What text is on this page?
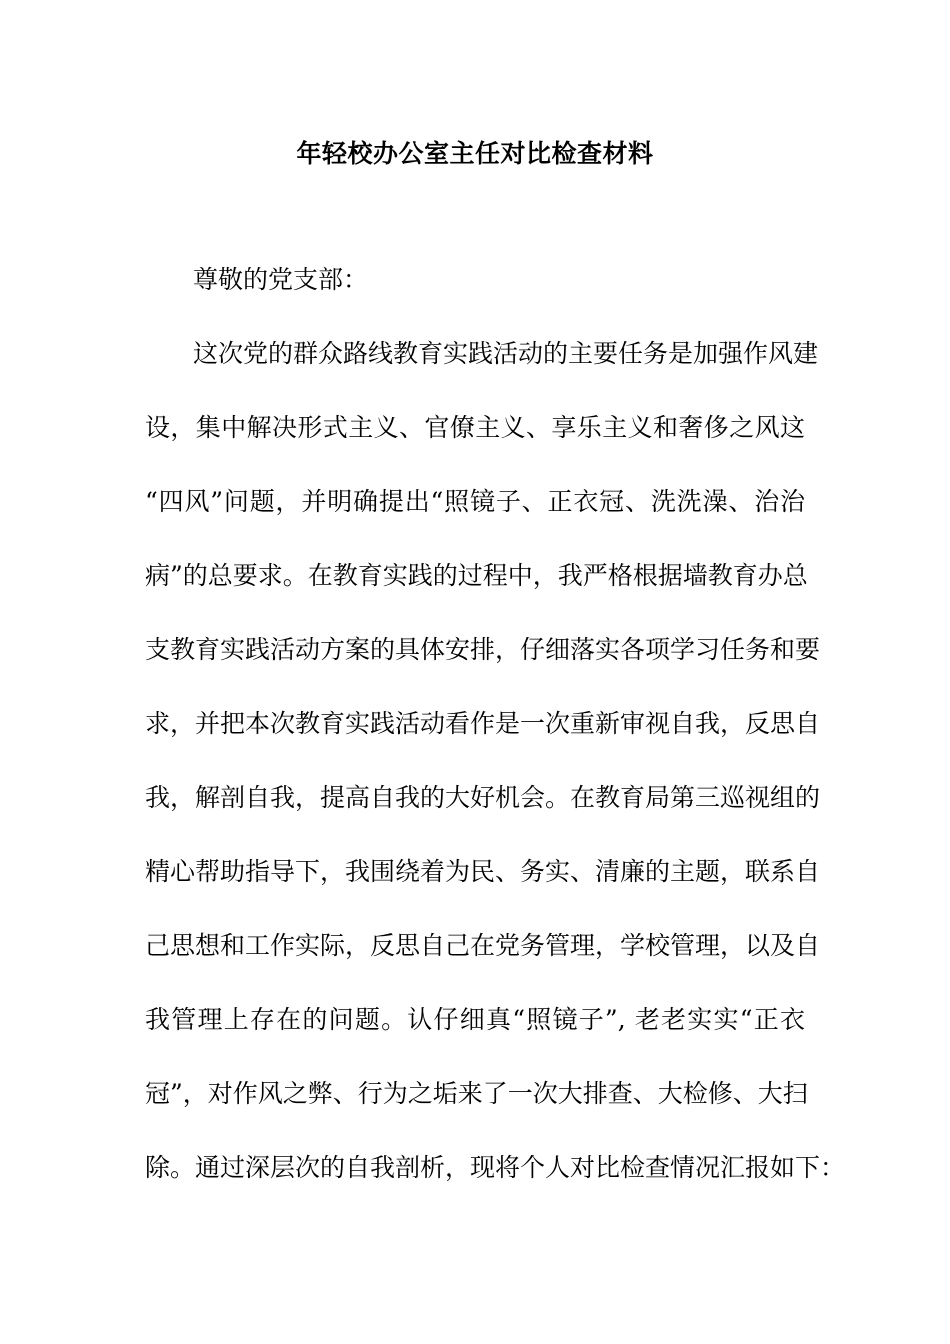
年轻校办公室主任对比检查材料

尊敬的党支部：

这次党的群众路线教育实践活动的主要任务是加强作风建

设，集中解决形式主义、官僚主义、享乐主义和奢侈之风这

“四风”问题，并明确提出“照镜子、正衣冠、洗洗澡、治治

病”的总要求。在教育实践的过程中，我严格根据墙教育办总

支教育实践活动方案的具体安排，仔细落实各项学习任务和要

求，并把本次教育实践活动看作是一次重新审视自我，反思自

我，解剖自我，提高自我的大好机会。在教育局第三巡视组的

精心帮助指导下，我围绕着为民、务实、清廉的主题，联系自

己思想和工作实际，反思自己在党务管理，学校管理，以及自

我管理上存在的问题。认仔细真“照镜子”, 老老实实“正衣

冠”，对作风之弊、行为之垢来了一次大排查、大检修、大扫

除。通过深层次的自我剖析，现将个人对比检查情况汇报如下：
